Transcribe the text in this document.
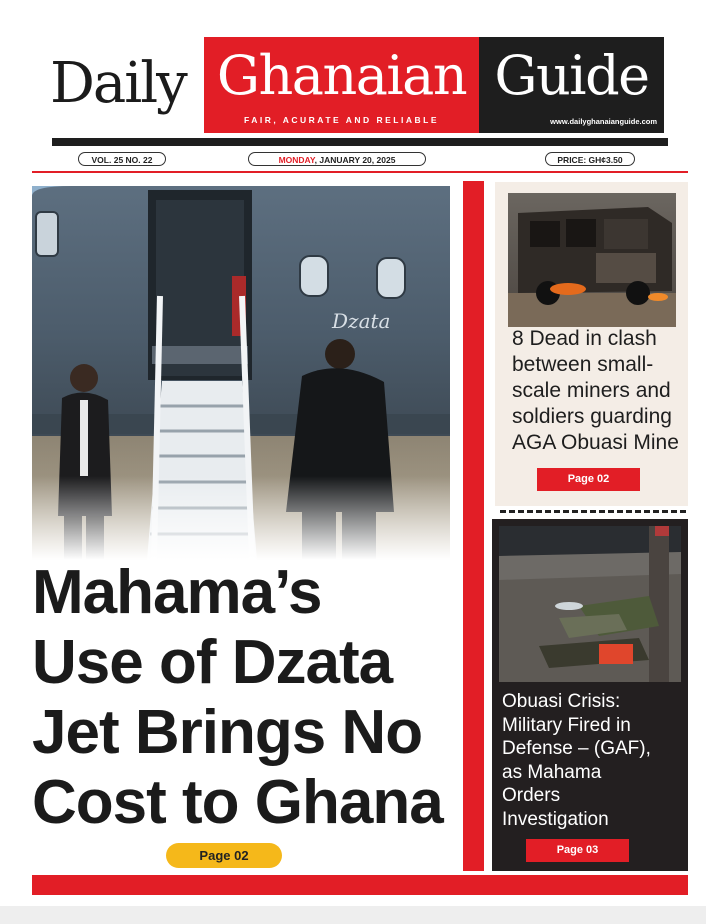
Daily Ghanaian
FAIR, ACURATE AND RELIABLE
Guide
www.dailyghanaianguide.com
VOL. 25 NO. 22	MONDAY, JANUARY 20, 2025	PRICE: GH¢3.50
Dzata
Mahama’s
Use of Dzata
Jet Brings No
Cost to Ghana
Page 02
8 Dead in clash
between small-
scale miners and
soldiers guarding
AGA Obuasi Mine
Page 02
Obuasi Crisis:
Military Fired in
Defense – (GAF),
as Mahama
Orders
Investigation
Page 03
